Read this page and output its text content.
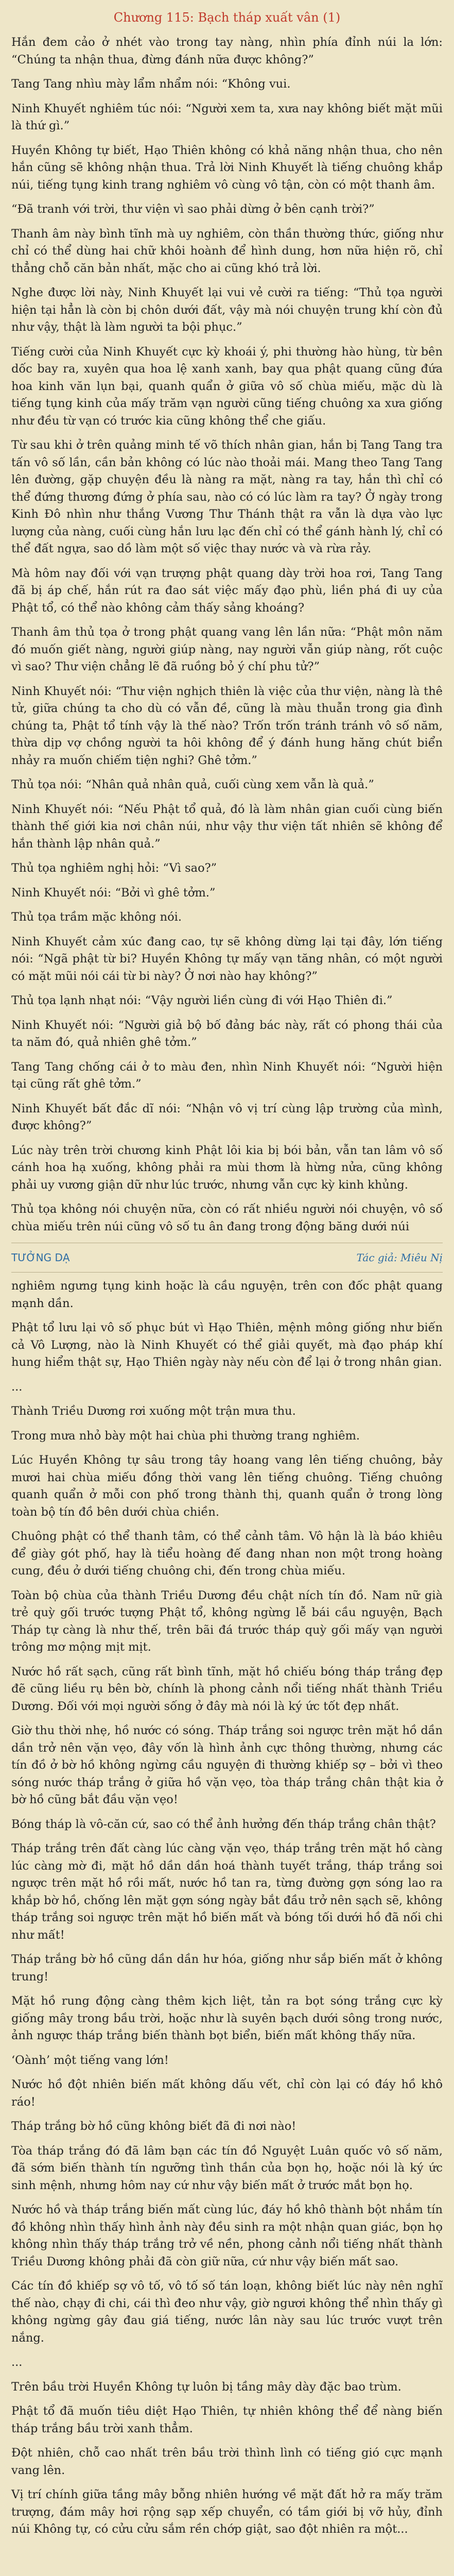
Chương 115: Bạch tháp xuất vân (1)

Hắn đem cảo ở nhét vào trong tay nàng, nhìn phía đỉnh núi la lớn: “Chúng ta nhận thua, đừng đánh nữa được không?”

Tang Tang nhìu mày lẩm nhẩm nói: “Không vui.

Ninh Khuyết nghiêm túc nói: “Người xem ta, xưa nay không biết mặt mũi là thứ gì.”

Huyền Không tự biết, Hạo Thiên không có khả năng nhận thua, cho nên hắn cũng sẽ không nhận thua. Trả lời Ninh Khuyết là tiếng chuông khắp núi, tiếng tụng kinh trang nghiêm vô cùng vô tận, còn có một thanh âm.

“Đã tranh với trời, thư viện vì sao phải dừng ở bên cạnh trời?”

Thanh âm này bình tĩnh mà uy nghiêm, còn thần thường thức, giống như chỉ có thể dùng hai chữ khôi hoành để hình dung, hơn nữa hiện rõ, chỉ thẳng chỗ căn bản nhất, mặc cho ai cũng khó trả lời.

Nghe được lời này, Ninh Khuyết lại vui vẻ cười ra tiếng: “Thủ tọa người hiện tại hẳn là còn bị chôn dưới đất, vậy mà nói chuyện trung khí còn đủ như vậy, thật là làm người ta bội phục.”

Tiếng cười của Ninh Khuyết cực kỳ khoái ý, phi thường hào hùng, từ bên dốc bay ra, xuyên qua hoa lệ xanh xanh, bay qua phật quang cũng đứa hoa kinh văn lụn bại, quanh quẩn ở giữa vô số chùa miếu, mặc dù là tiếng tụng kinh của mấy trăm vạn người cũng tiếng chuông xa xưa giống như đều từ vạn có trước kia cũng không thể che giấu.

Từ sau khi ở trên quảng minh tế võ thích nhân gian, hắn bị Tang Tang tra tấn vô số lần, cần bản không có lúc nào thoải mái. Mang theo Tang Tang lên đường, gặp chuyện đều là nàng ra mặt, nàng ra tay, hắn thì chỉ có thể đứng thương đứng ở phía sau, nào có có lúc làm ra tay? Ở ngày trong Kinh Đô nhìn như thắng Vương Thư Thánh thật ra vẫn là dựa vào lực lượng của nàng, cuối cùng hắn lưu lạc đến chỉ có thể gánh hành lý, chỉ có thể đất ngựa, sao dồ làm một số việc thay nước và và rừa rảy.

Mà hôm nay đối với vạn trượng phật quang dày trời hoa rơi, Tang Tang đã bị áp chế, hắn rút ra đao sát việc mấy đạo phù, liền phá đi uy của Phật tổ, có thể nào không cảm thấy sảng khoáng?

Thanh âm thủ tọa ở trong phật quang vang lên lần nữa: “Phật môn năm đó muốn giết nàng, người giúp nàng, nay người vẫn giúp nàng, rốt cuộc vì sao? Thư viện chẳng lẽ đã ruồng bỏ ý chí phu tử?”

Ninh Khuyết nói: “Thư viện nghịch thiên là việc của thư viện, nàng là thê tử, giữa chúng ta cho dù có vẫn đề, cũng là màu thuẫn trong gia đình chúng ta, Phật tổ tính vậy là thế nào? Trốn trốn tránh tránh vô số năm, thừa dịp vợ chồng người ta hôi không để ý đánh hung hăng chút biển nhảy ra muốn chiếm tiện nghi? Ghê tởm.”

Thủ tọa nói: “Nhân quả nhân quả, cuối cùng xem vẫn là quả.”

Ninh Khuyết nói: “Nếu Phật tổ quả, đó là làm nhân gian cuối cùng biến thành thế giới kia nơi chân núi, như vậy thư viện tất nhiên sẽ không để hắn thành lập nhân quả.”

Thủ tọa nghiêm nghị hỏi: “Vì sao?”

Ninh Khuyết nói: “Bởi vì ghê tởm.”

Thủ tọa trầm mặc không nói.

Ninh Khuyết cảm xúc đang cao, tự sẽ không dừng lại tại đây, lớn tiếng nói: “Ngã phật từ bi? Huyền Không tự mấy vạn tăng nhân, có một người có mặt mũi nói cái từ bi này? Ở nơi nào hay không?”

Thủ tọa lạnh nhạt nói: “Vậy người liền cùng đi với Hạo Thiên đi.”

Ninh Khuyết nói: “Người giả bộ bố đảng bác này, rất có phong thái của ta năm đó, quả nhiên ghê tởm.”

Tang Tang chống cái ở to màu đen, nhìn Ninh Khuyết nói: “Người hiện tại cũng rất ghê tởm.”

Ninh Khuyết bất đắc dĩ nói: “Nhận vô vị trí cùng lập trường của mình, được không?”

Lúc này trên trời chương kinh Phật lôi kia bị bói bản, vẫn tan lâm vô số cánh hoa hạ xuống, không phải ra mùi thơm là hừng nửa, cũng không phải uy vương giận dữ như lúc trước, nhưng vẫn cực kỳ kinh khủng.

Thủ tọa không nói chuyện nữa, còn có rất nhiều người nói chuyện, vô số chùa miếu trên núi cũng vô số tu ân đang trong động băng dưới núi

TƯỞNG DẠ	Tác giả: Miêu Nị

nghiêm ngưng tụng kinh hoặc là cầu nguyện, trên con đốc phật quang mạnh dần.

Phật tổ lưu lại vô số phục bút vì Hạo Thiên, mệnh mông giống như biến cả Vô Lượng, nào là Ninh Khuyết có thể giải quyết, mà đạo pháp khí hung hiểm thật sự, Hạo Thiên ngày này nếu còn để lại ở trong nhân gian.

...

Thành Triều Dương rơi xuống một trận mưa thu.

Trong mưa nhỏ bày một hai chùa phi thường trang nghiêm.

Lúc Huyền Không tự sâu trong tây hoang vang lên tiếng chuông, bảy mươi hai chùa miếu đồng thời vang lên tiếng chuông. Tiếng chuông quanh quẩn ở mỗi con phố trong thành thị, quanh quẩn ở trong lòng toàn bộ tín đồ bên dưới chùa chiền.

Chuông phật có thể thanh tâm, có thể cảnh tâm. Vô hận là là báo khiêu để giày gót phố, hay là tiểu hoàng đế đang nhan non một trong hoàng cung, đều ở dưới tiếng chuông chi, đến trong chùa miếu.

Toàn bộ chùa của thành Triều Dương đều chật ních tín đồ. Nam nữ già trẻ quỳ gối trước tượng Phật tổ, không ngừng lễ bái cầu nguyện, Bạch Tháp tự càng là như thế, trên bãi đá trước tháp quỳ gối mấy vạn người trông mơ mộng mịt mịt.

Nước hồ rất sạch, cũng rất bình tĩnh, mặt hồ chiếu bóng tháp trắng đẹp đẽ cũng liều rụ bên bờ, chính là phong cảnh nổi tiếng nhất thành Triều Dương. Đối với mọi người sống ở đây mà nói là ký ức tốt đẹp nhất.

Giờ thu thời nhẹ, hồ nước có sóng. Tháp trắng soi ngược trên mặt hồ dần dần trở nên vặn vẹo, đây vốn là hình ảnh cực thông thường, nhưng các tín đồ ở bờ hồ không ngừng cầu nguyện đi thường khiếp sợ – bởi vì theo sóng nước tháp trắng ở giữa hồ vặn vẹo, tòa tháp trắng chân thật kia ở bờ hồ cũng bắt đầu vặn vẹo!

Bóng tháp là vô-căn cứ, sao có thể ảnh hưởng đến tháp trắng chân thật?

Tháp trắng trên đất càng lúc càng vặn vẹo, tháp trắng trên mặt hồ càng lúc càng mờ đi, mặt hồ dần dần hoá thành tuyết trắng, tháp trắng soi ngược trên mặt hồ rồi mất, nước hồ tan ra, từng đường gợn sóng lao ra khắp bờ hồ, chống lên mặt gợn sóng ngày bắt đầu trở nên sạch sẽ, không tháp trắng soi ngược trên mặt hồ biến mất và bóng tối dưới hồ đã nối chi như mất!

Tháp trắng bờ hồ cũng dần dần hư hóa, giống như sắp biến mất ở không trung!

Mặt hồ rung động càng thêm kịch liệt, tản ra bọt sóng trắng cực kỳ giống mây trong bầu trời, hoặc như là suyên bạch dưới sông trong nước, ảnh ngược tháp trắng biến thành bọt biển, biến mất không thấy nữa.

‘Oành’ một tiếng vang lớn!

Nước hồ đột nhiên biến mất không dấu vết, chỉ còn lại có đáy hồ khô ráo!

Tháp trắng bờ hồ cũng không biết đã đi nơi nào!

Tòa tháp trắng đó đã lâm bạn các tín đồ Nguyệt Luân quốc vô số năm, đã sớm biến thành tín ngưỡng tình thần của bọn họ, hoặc nói là ký ức sinh mệnh, nhưng hôm nay cứ như vậy biến mất ở trước mắt bọn họ.

Nước hồ và tháp trắng biến mất cùng lúc, đáy hồ khô thành bột nhắm tín đồ không nhìn thấy hình ảnh này đều sinh ra một nhận quan giác, bọn họ không nhìn thấy tháp trắng trở về nền, phong cảnh nổi tiếng nhất thành Triều Dương không phải đã còn giữ nữa, cứ như vậy biến mất sao.

Các tín đồ khiếp sợ vô tố, vô tố số tán loạn, không biết lúc này nên nghĩ thế nào, chạy đi chi, cái thì đeo như vậy, giờ ngươi không thể nhìn thấy gì không ngừng gây đau giá tiếng, nước lân này sau lúc trước vượt trên nắng.

...

Trên bầu trời Huyền Không tự luôn bị tầng mây dày đặc bao trùm.

Phật tổ đã muốn tiêu diệt Hạo Thiên, tự nhiên không thể để nàng biến tháp trắng bầu trời xanh thẳm.

Đột nhiên, chỗ cao nhất trên bầu trời thình lình có tiếng gió cực mạnh vang lên.

Vị trí chính giữa tầng mây bỗng nhiên hướng về mặt đất hở ra mấy trăm trượng, đám mây hơi rộng sạp xếp chuyển, có tầm giới bị vỡ hủy, đỉnh núi Không tự, có cửu cửu sắm rền chớp giật, sao đột nhiên ra một...
